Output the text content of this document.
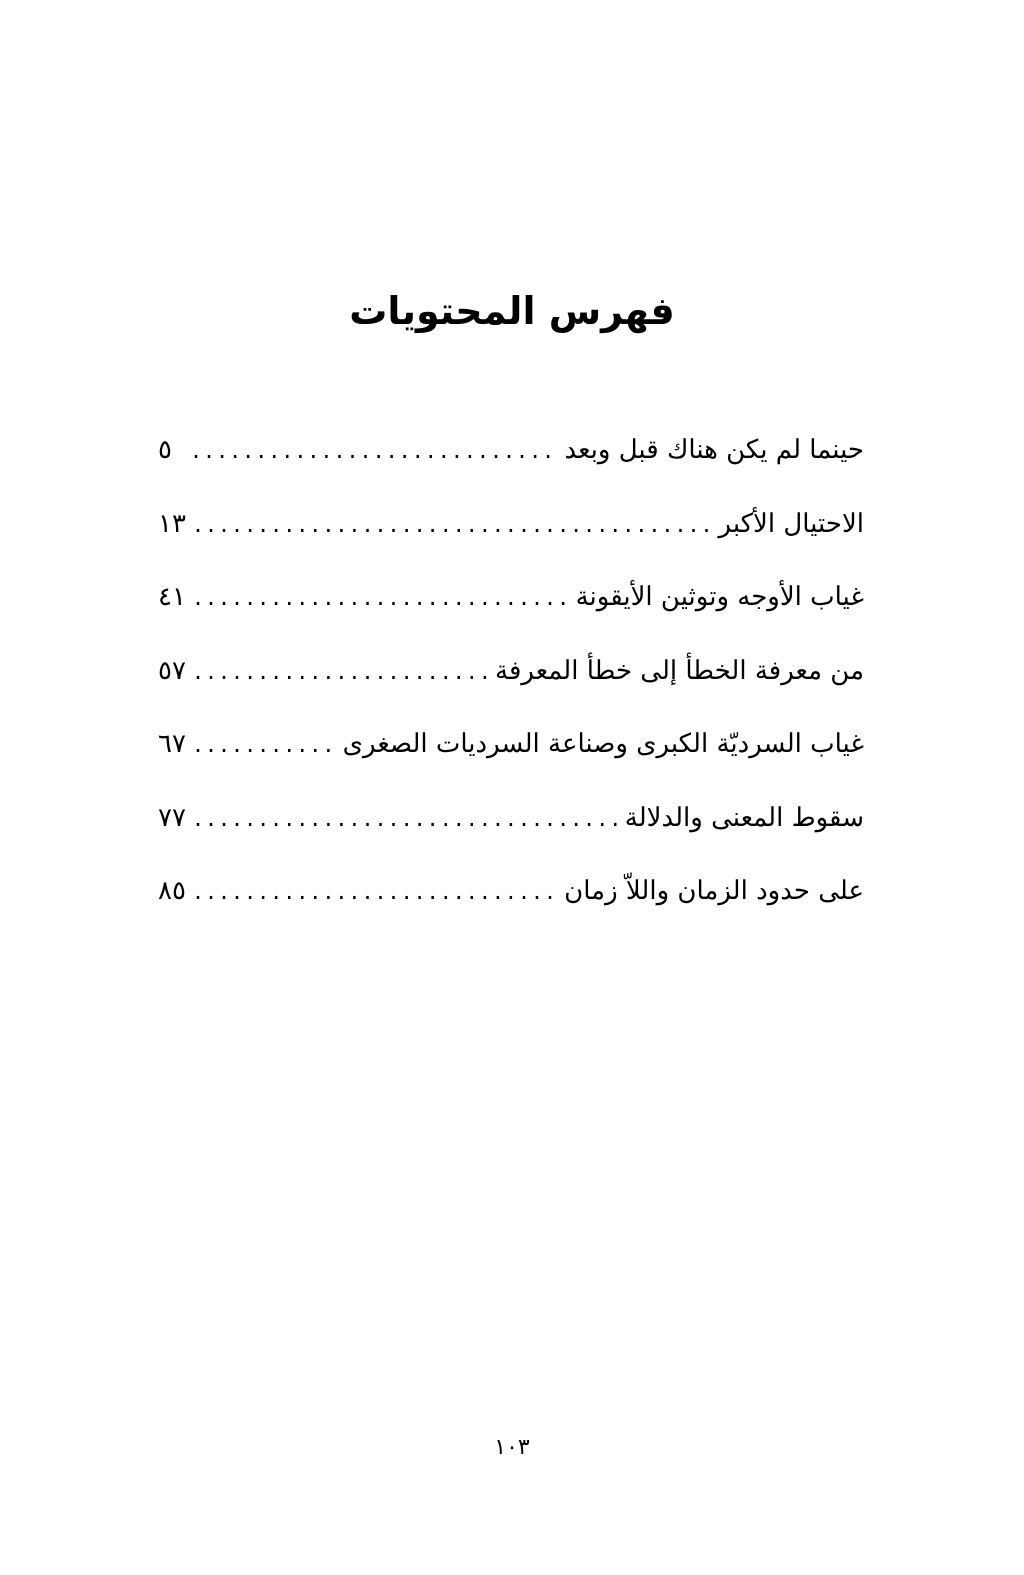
فهرس المحتويات
حينما لم يكن هناك قبل وبعد
.....
٥
الاحتيال الأكبر
.....
١٣
غياب الأوجه وتوثين الأيقونة
.....
٤١
من معرفة الخطأ إلى خطأ المعرفة
.....
٥٧
غياب السرديّة الكبرى وصناعة السرديات الصغرى
.....
٦٧
سقوط المعنى والدلالة
.....
٧٧
على حدود الزمان واللاّ زمان
.....
٨٥
١٠٣
